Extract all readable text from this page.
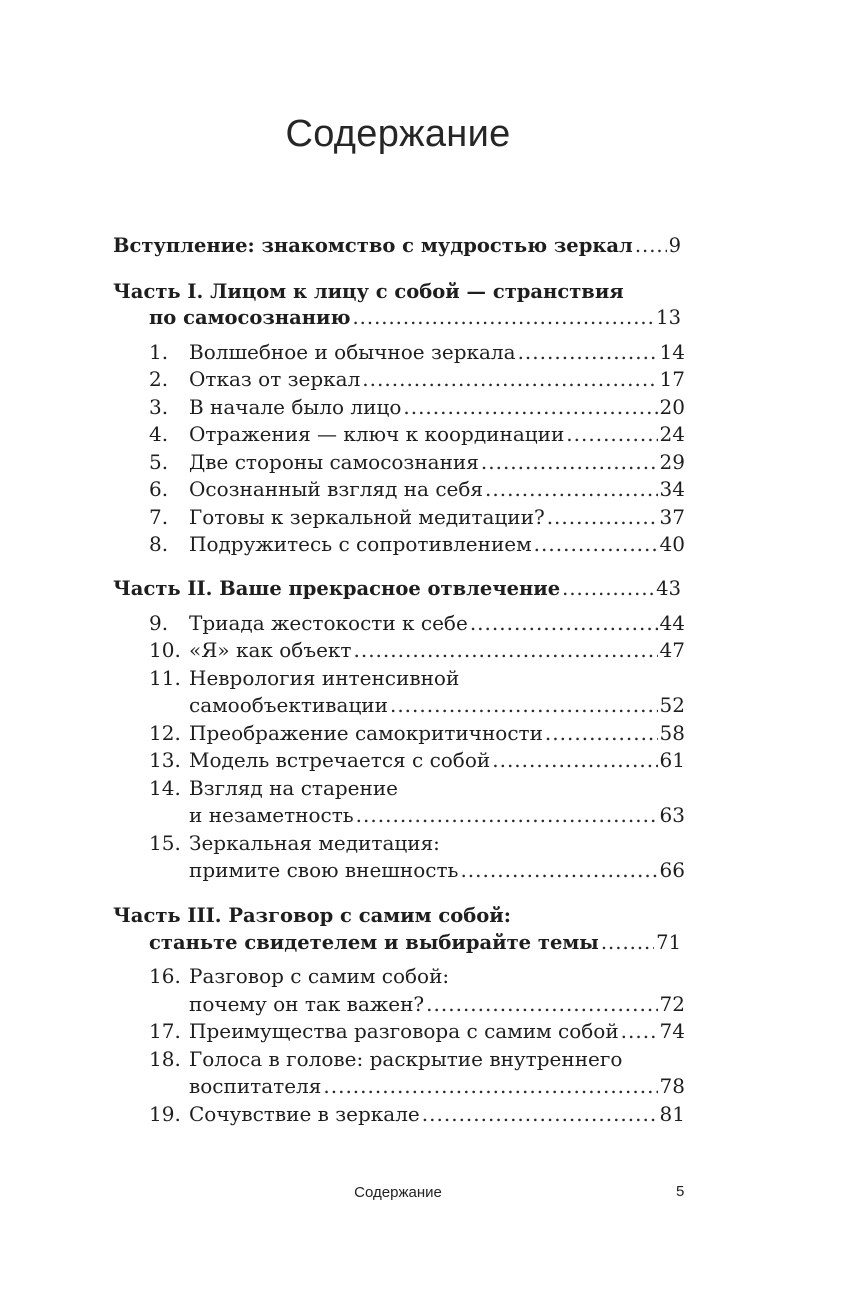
Содержание
Вступление: знакомство с мудростью зеркал ..... 9
Часть I. Лицом к лицу с собой — странствия
по самосознанию .....	13
1.	Волшебное и обычное зеркала .....	14
2.	Отказ от зеркал .....	17
3.	В начале было лицо .....	20
4.	Отражения — ключ к координации .....	24
5.	Две стороны самосознания .....	29
6.	Осознанный взгляд на себя .....	34
7.	Готовы к зеркальной медитации? .....	37
8.	Подружитесь с сопротивлением .....	40
Часть II. Ваше прекрасное отвлечение .....	43
9.	Триада жестокости к себе .....	44
10. «Я» как объект .....	47
11. Неврология интенсивной
самообъективации .....	52
12. Преображение самокритичности .....	58
13. Модель встречается с собой .....	61
14. Взгляд на старение
и незаметность .....	63
15. Зеркальная медитация:
примите свою внешность .....	66
Часть III. Разговор с самим собой:
станьте свидетелем и выбирайте темы .....	71
16. Разговор с самим собой:
почему он так важен? .....	72
17. Преимущества разговора с самим собой ..... 74
18. Голоса в голове: раскрытие внутреннего
воспитателя .....	78
19. Сочувствие в зеркале .....	81
Содержание	5
